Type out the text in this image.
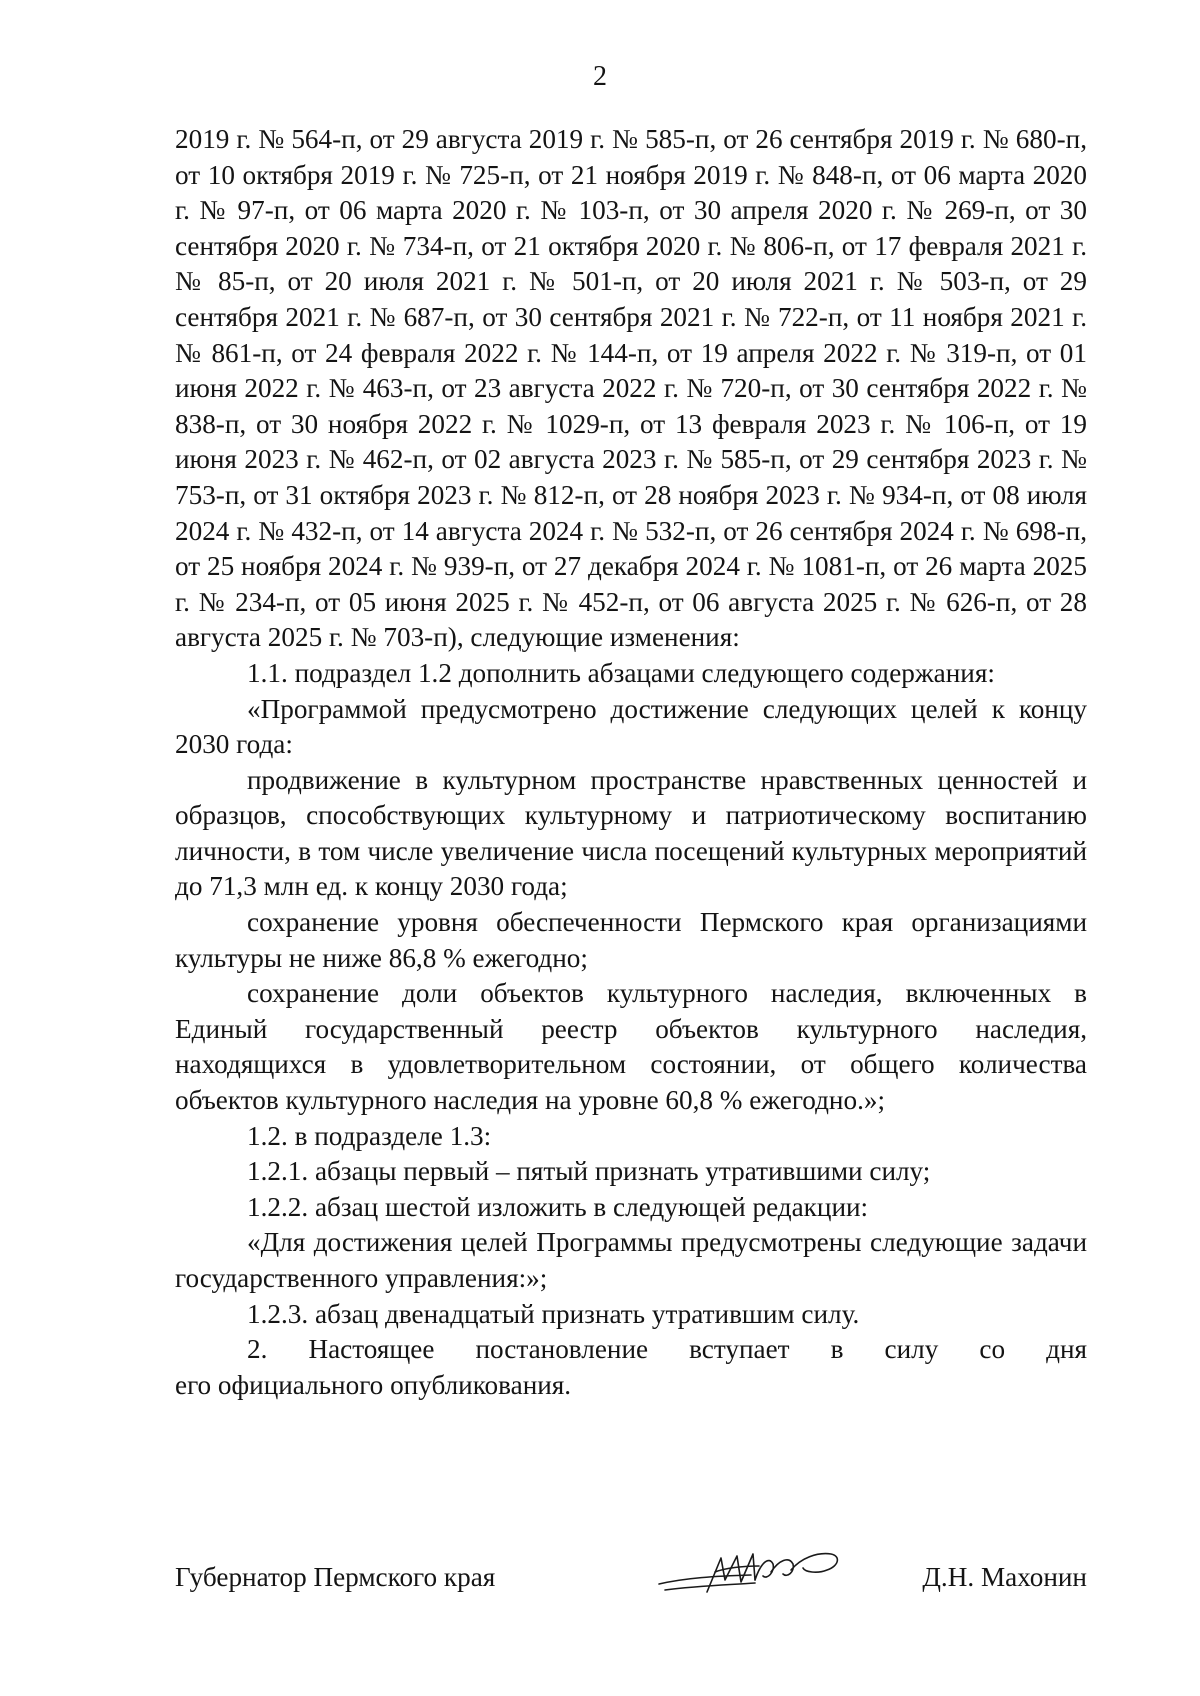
2

2019 г. № 564-п, от 29 августа 2019 г. № 585-п, от 26 сентября 2019 г. № 680-п, от 10 октября 2019 г. № 725-п, от 21 ноября 2019 г. № 848-п, от 06 марта 2020 г. № 97-п, от 06 марта 2020 г. № 103-п, от 30 апреля 2020 г. № 269-п, от 30 сентября 2020 г. № 734-п, от 21 октября 2020 г. № 806-п, от 17 февраля 2021 г. № 85-п, от 20 июля 2021 г. № 501-п, от 20 июля 2021 г. № 503-п, от 29 сентября 2021 г. № 687-п, от 30 сентября 2021 г. № 722-п, от 11 ноября 2021 г. № 861-п, от 24 февраля 2022 г. № 144-п, от 19 апреля 2022 г. № 319-п, от 01 июня 2022 г. № 463-п, от 23 августа 2022 г. № 720-п, от 30 сентября 2022 г. № 838-п, от 30 ноября 2022 г. № 1029-п, от 13 февраля 2023 г. № 106-п, от 19 июня 2023 г. № 462-п, от 02 августа 2023 г. № 585-п, от 29 сентября 2023 г. № 753-п, от 31 октября 2023 г. № 812-п, от 28 ноября 2023 г. № 934-п, от 08 июля 2024 г. № 432-п, от 14 августа 2024 г. № 532-п, от 26 сентября 2024 г. № 698-п, от 25 ноября 2024 г. № 939-п, от 27 декабря 2024 г. № 1081-п, от 26 марта 2025 г. № 234-п, от 05 июня 2025 г. № 452-п, от 06 августа 2025 г. № 626-п, от 28 августа 2025 г. № 703-п), следующие изменения:

1.1. подраздел 1.2 дополнить абзацами следующего содержания:

«Программой предусмотрено достижение следующих целей к концу 2030 года:

продвижение в культурном пространстве нравственных ценностей и образцов, способствующих культурному и патриотическому воспитанию личности, в том числе увеличение числа посещений культурных мероприятий до 71,3 млн ед. к концу 2030 года;

сохранение уровня обеспеченности Пермского края организациями культуры не ниже 86,8 % ежегодно;

сохранение доли объектов культурного наследия, включенных в Единый государственный реестр объектов культурного наследия, находящихся в удовлетворительном состоянии, от общего количества объектов культурного наследия на уровне 60,8 % ежегодно.»;

1.2. в подразделе 1.3:

1.2.1. абзацы первый – пятый признать утратившими силу;

1.2.2. абзац шестой изложить в следующей редакции:

«Для достижения целей Программы предусмотрены следующие задачи государственного управления:»;

1.2.3. абзац двенадцатый признать утратившим силу.

2. Настоящее постановление вступает в силу со дня

его официального опубликования.

Губернатор Пермского края	Д.Н. Махонин
